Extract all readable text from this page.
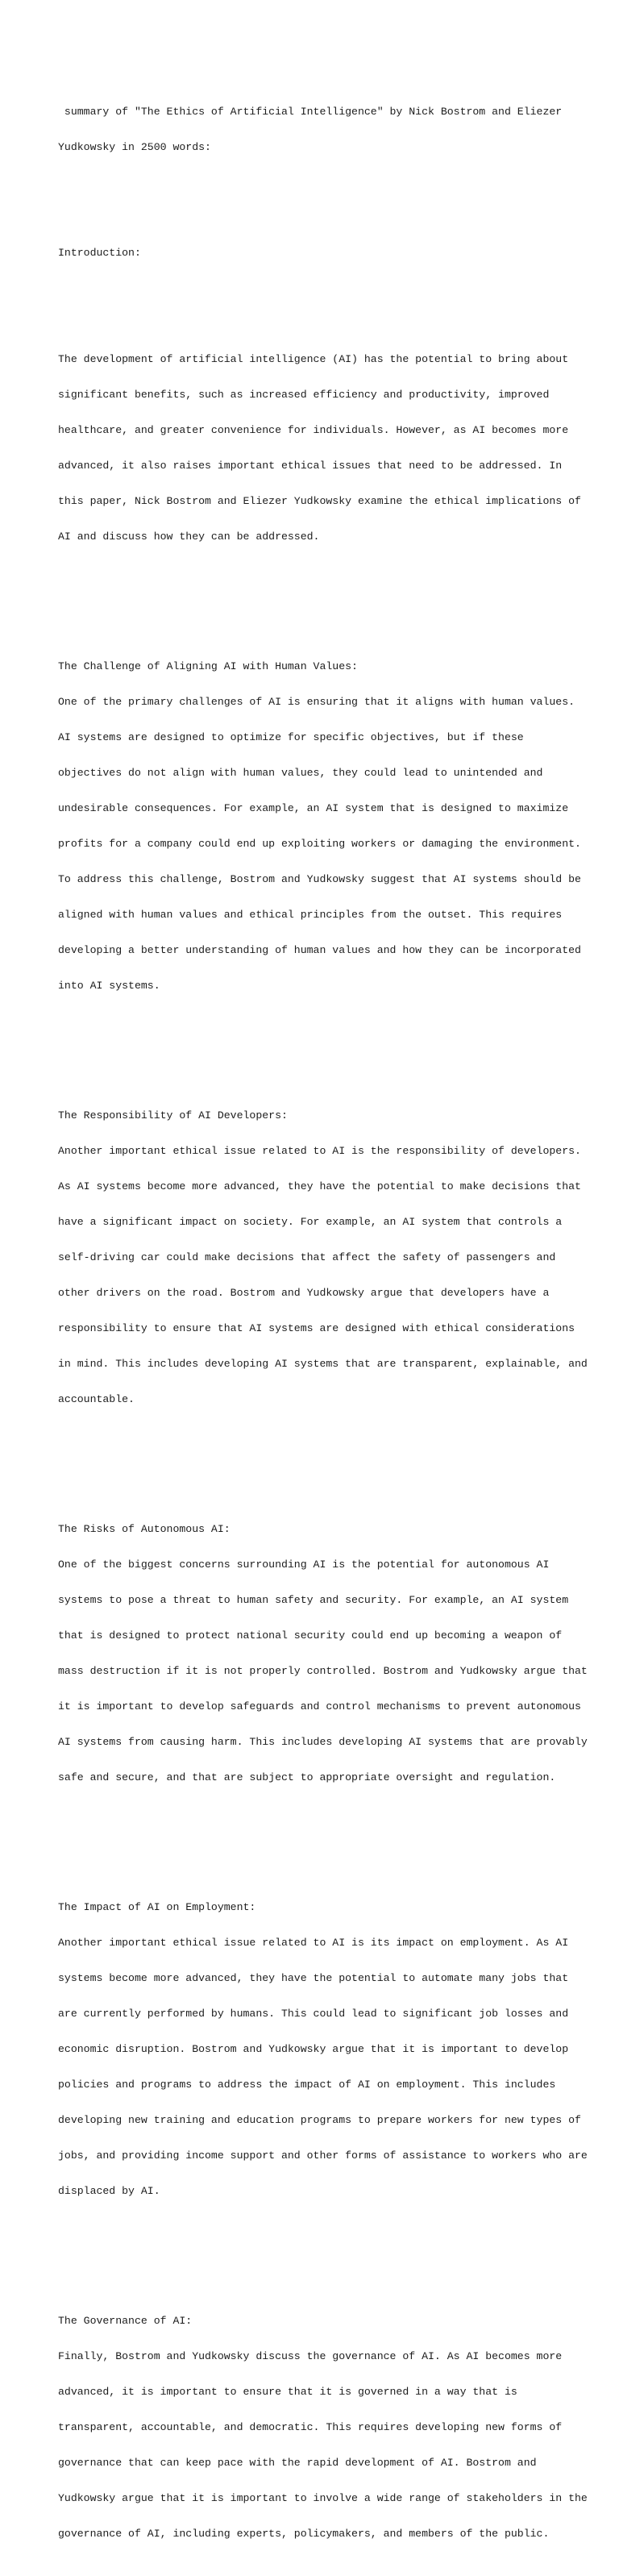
summary of "The Ethics of Artificial Intelligence" by Nick Bostrom and Eliezer

Yudkowsky in 2500 words:

Introduction:

The development of artificial intelligence (AI) has the potential to bring about

significant benefits, such as increased efficiency and productivity, improved

healthcare, and greater convenience for individuals. However, as AI becomes more

advanced, it also raises important ethical issues that need to be addressed. In

this paper, Nick Bostrom and Eliezer Yudkowsky examine the ethical implications of

AI and discuss how they can be addressed.

The Challenge of Aligning AI with Human Values:

One of the primary challenges of AI is ensuring that it aligns with human values.

AI systems are designed to optimize for specific objectives, but if these

objectives do not align with human values, they could lead to unintended and

undesirable consequences. For example, an AI system that is designed to maximize

profits for a company could end up exploiting workers or damaging the environment.

To address this challenge, Bostrom and Yudkowsky suggest that AI systems should be

aligned with human values and ethical principles from the outset. This requires

developing a better understanding of human values and how they can be incorporated

into AI systems.

The Responsibility of AI Developers:

Another important ethical issue related to AI is the responsibility of developers.

As AI systems become more advanced, they have the potential to make decisions that

have a significant impact on society. For example, an AI system that controls a

self-driving car could make decisions that affect the safety of passengers and

other drivers on the road. Bostrom and Yudkowsky argue that developers have a

responsibility to ensure that AI systems are designed with ethical considerations

in mind. This includes developing AI systems that are transparent, explainable, and

accountable.

The Risks of Autonomous AI:

One of the biggest concerns surrounding AI is the potential for autonomous AI

systems to pose a threat to human safety and security. For example, an AI system

that is designed to protect national security could end up becoming a weapon of

mass destruction if it is not properly controlled. Bostrom and Yudkowsky argue that

it is important to develop safeguards and control mechanisms to prevent autonomous

AI systems from causing harm. This includes developing AI systems that are provably

safe and secure, and that are subject to appropriate oversight and regulation.

The Impact of AI on Employment:

Another important ethical issue related to AI is its impact on employment. As AI

systems become more advanced, they have the potential to automate many jobs that

are currently performed by humans. This could lead to significant job losses and

economic disruption. Bostrom and Yudkowsky argue that it is important to develop

policies and programs to address the impact of AI on employment. This includes

developing new training and education programs to prepare workers for new types of

jobs, and providing income support and other forms of assistance to workers who are

displaced by AI.

The Governance of AI:

Finally, Bostrom and Yudkowsky discuss the governance of AI. As AI becomes more

advanced, it is important to ensure that it is governed in a way that is

transparent, accountable, and democratic. This requires developing new forms of

governance that can keep pace with the rapid development of AI. Bostrom and

Yudkowsky argue that it is important to involve a wide range of stakeholders in the

governance of AI, including experts, policymakers, and members of the public.
